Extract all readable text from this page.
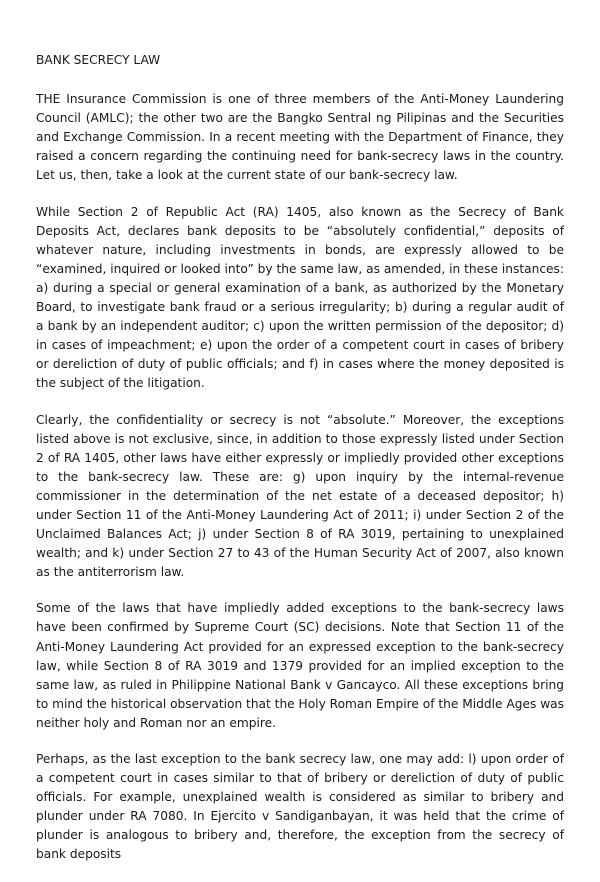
BANK SECRECY LAW

THE Insurance Commission is one of three members of the Anti-Money Laundering Council (AMLC); the other two are the Bangko Sentral ng Pilipinas and the Securities and Exchange Commission. In a recent meeting with the Department of Finance, they raised a concern regarding the continuing need for bank-secrecy laws in the country. Let us, then, take a look at the current state of our bank-secrecy law.

While Section 2 of Republic Act (RA) 1405, also known as the Secrecy of Bank Deposits Act, declares bank deposits to be “absolutely confidential,” deposits of whatever nature, including investments in bonds, are expressly allowed to be “examined, inquired or looked into” by the same law, as amended, in these instances: a) during a special or general examination of a bank, as authorized by the Monetary Board, to investigate bank fraud or a serious irregularity; b) during a regular audit of a bank by an independent auditor; c) upon the written permission of the depositor; d) in cases of impeachment; e) upon the order of a competent court in cases of bribery or dereliction of duty of public officials; and f) in cases where the money deposited is the subject of the litigation.

Clearly, the confidentiality or secrecy is not “absolute.” Moreover, the exceptions listed above is not exclusive, since, in addition to those expressly listed under Section 2 of RA 1405, other laws have either expressly or impliedly provided other exceptions to the bank-secrecy law. These are: g) upon inquiry by the internal-revenue commissioner in the determination of the net estate of a deceased depositor; h) under Section 11 of the Anti-Money Laundering Act of 2011; i) under Section 2 of the Unclaimed Balances Act; j) under Section 8 of RA 3019, pertaining to unexplained wealth; and k) under Section 27 to 43 of the Human Security Act of 2007, also known as the antiterrorism law.

Some of the laws that have impliedly added exceptions to the bank-secrecy laws have been confirmed by Supreme Court (SC) decisions. Note that Section 11 of the Anti-Money Laundering Act provided for an expressed exception to the bank-secrecy law, while Section 8 of RA 3019 and 1379 provided for an implied exception to the same law, as ruled in Philippine National Bank v Gancayco. All these exceptions bring to mind the historical observation that the Holy Roman Empire of the Middle Ages was neither holy and Roman nor an empire.

Perhaps, as the last exception to the bank secrecy law, one may add: l) upon order of a competent court in cases similar to that of bribery or dereliction of duty of public officials. For example, unexplained wealth is considered as similar to bribery and plunder under RA 7080. In Ejercito v Sandiganbayan, it was held that the crime of plunder is analogous to bribery and, therefore, the exception from the secrecy of bank deposits
